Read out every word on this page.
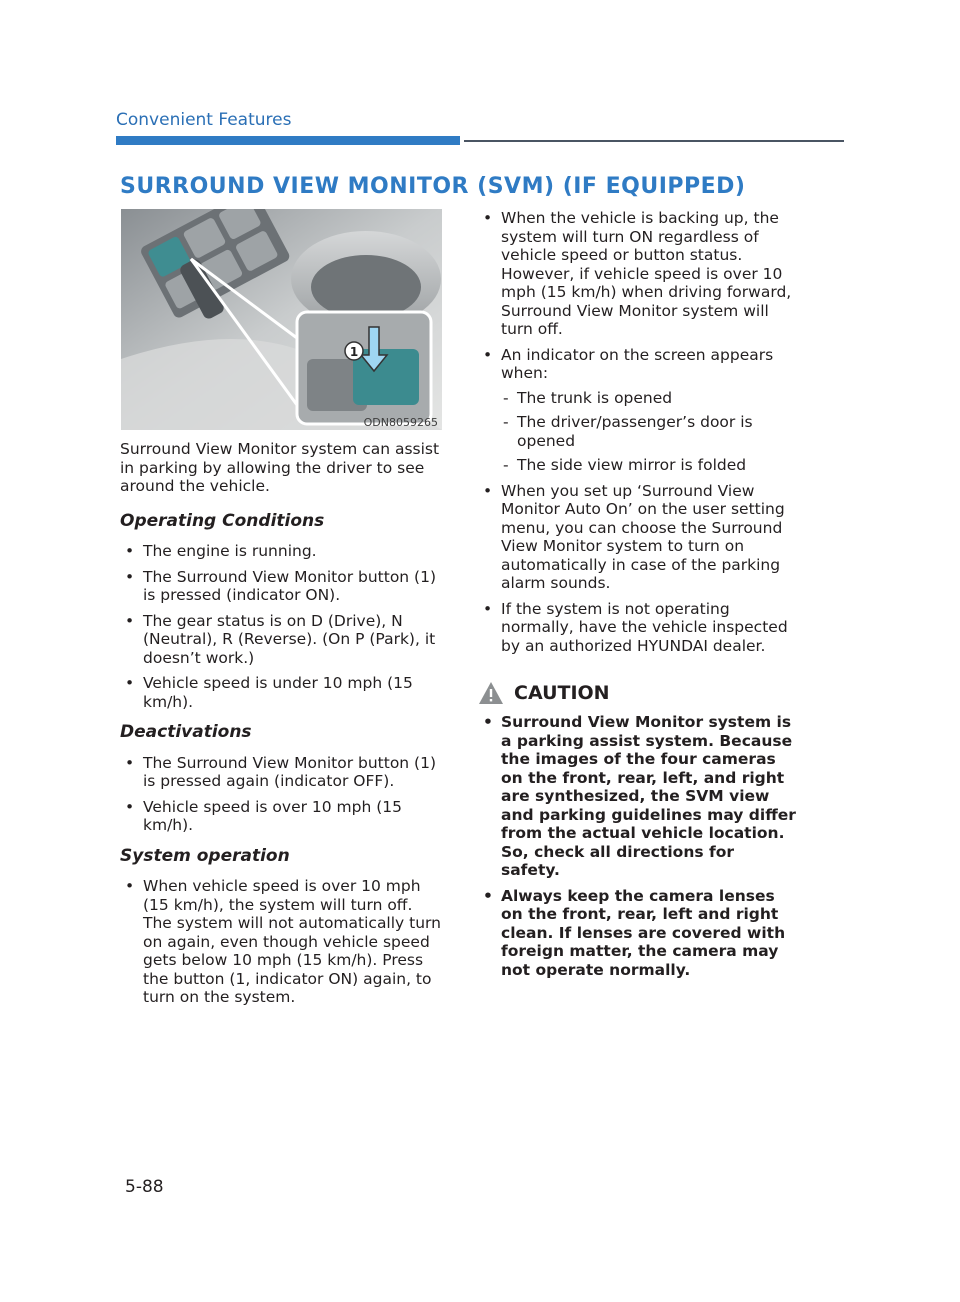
Convenient Features
SURROUND VIEW MONITOR (SVM) (IF EQUIPPED)
1
ODN8059265

Surround View Monitor system can assist in parking by allowing the driver to see around the vehicle.

Operating Conditions
• The engine is running.
• The Surround View Monitor button (1) is pressed (indicator ON).
• The gear status is on D (Drive), N (Neutral), R (Reverse). (On P (Park), it doesn’t work.)
• Vehicle speed is under 10 mph (15 km/h).
Deactivations
• The Surround View Monitor button (1) is pressed again (indicator OFF).
• Vehicle speed is over 10 mph (15 km/h).
System operation
• When vehicle speed is over 10 mph (15 km/h), the system will turn off. The system will not automatically turn on again, even though vehicle speed gets below 10 mph (15 km/h). Press the button (1, indicator ON) again, to turn on the system.
• When the vehicle is backing up, the system will turn ON regardless of vehicle speed or button status. However, if vehicle speed is over 10 mph (15 km/h) when driving forward, Surround View Monitor system will turn off.
• An indicator on the screen appears when:
- The trunk is opened
- The driver/passenger’s door is opened
- The side view mirror is folded
• When you set up ‘Surround View Monitor Auto On’ on the user setting menu, you can choose the Surround View Monitor system to turn on automatically in case of the parking alarm sounds.
• If the system is not operating normally, have the vehicle inspected by an authorized HYUNDAI dealer.
CAUTION
• Surround View Monitor system is a parking assist system. Because the images of the four cameras on the front, rear, left, and right are synthesized, the SVM view and parking guidelines may differ from the actual vehicle location. So, check all directions for safety.
• Always keep the camera lenses on the front, rear, left and right clean. If lenses are covered with foreign matter, the camera may not operate normally.
5-88
